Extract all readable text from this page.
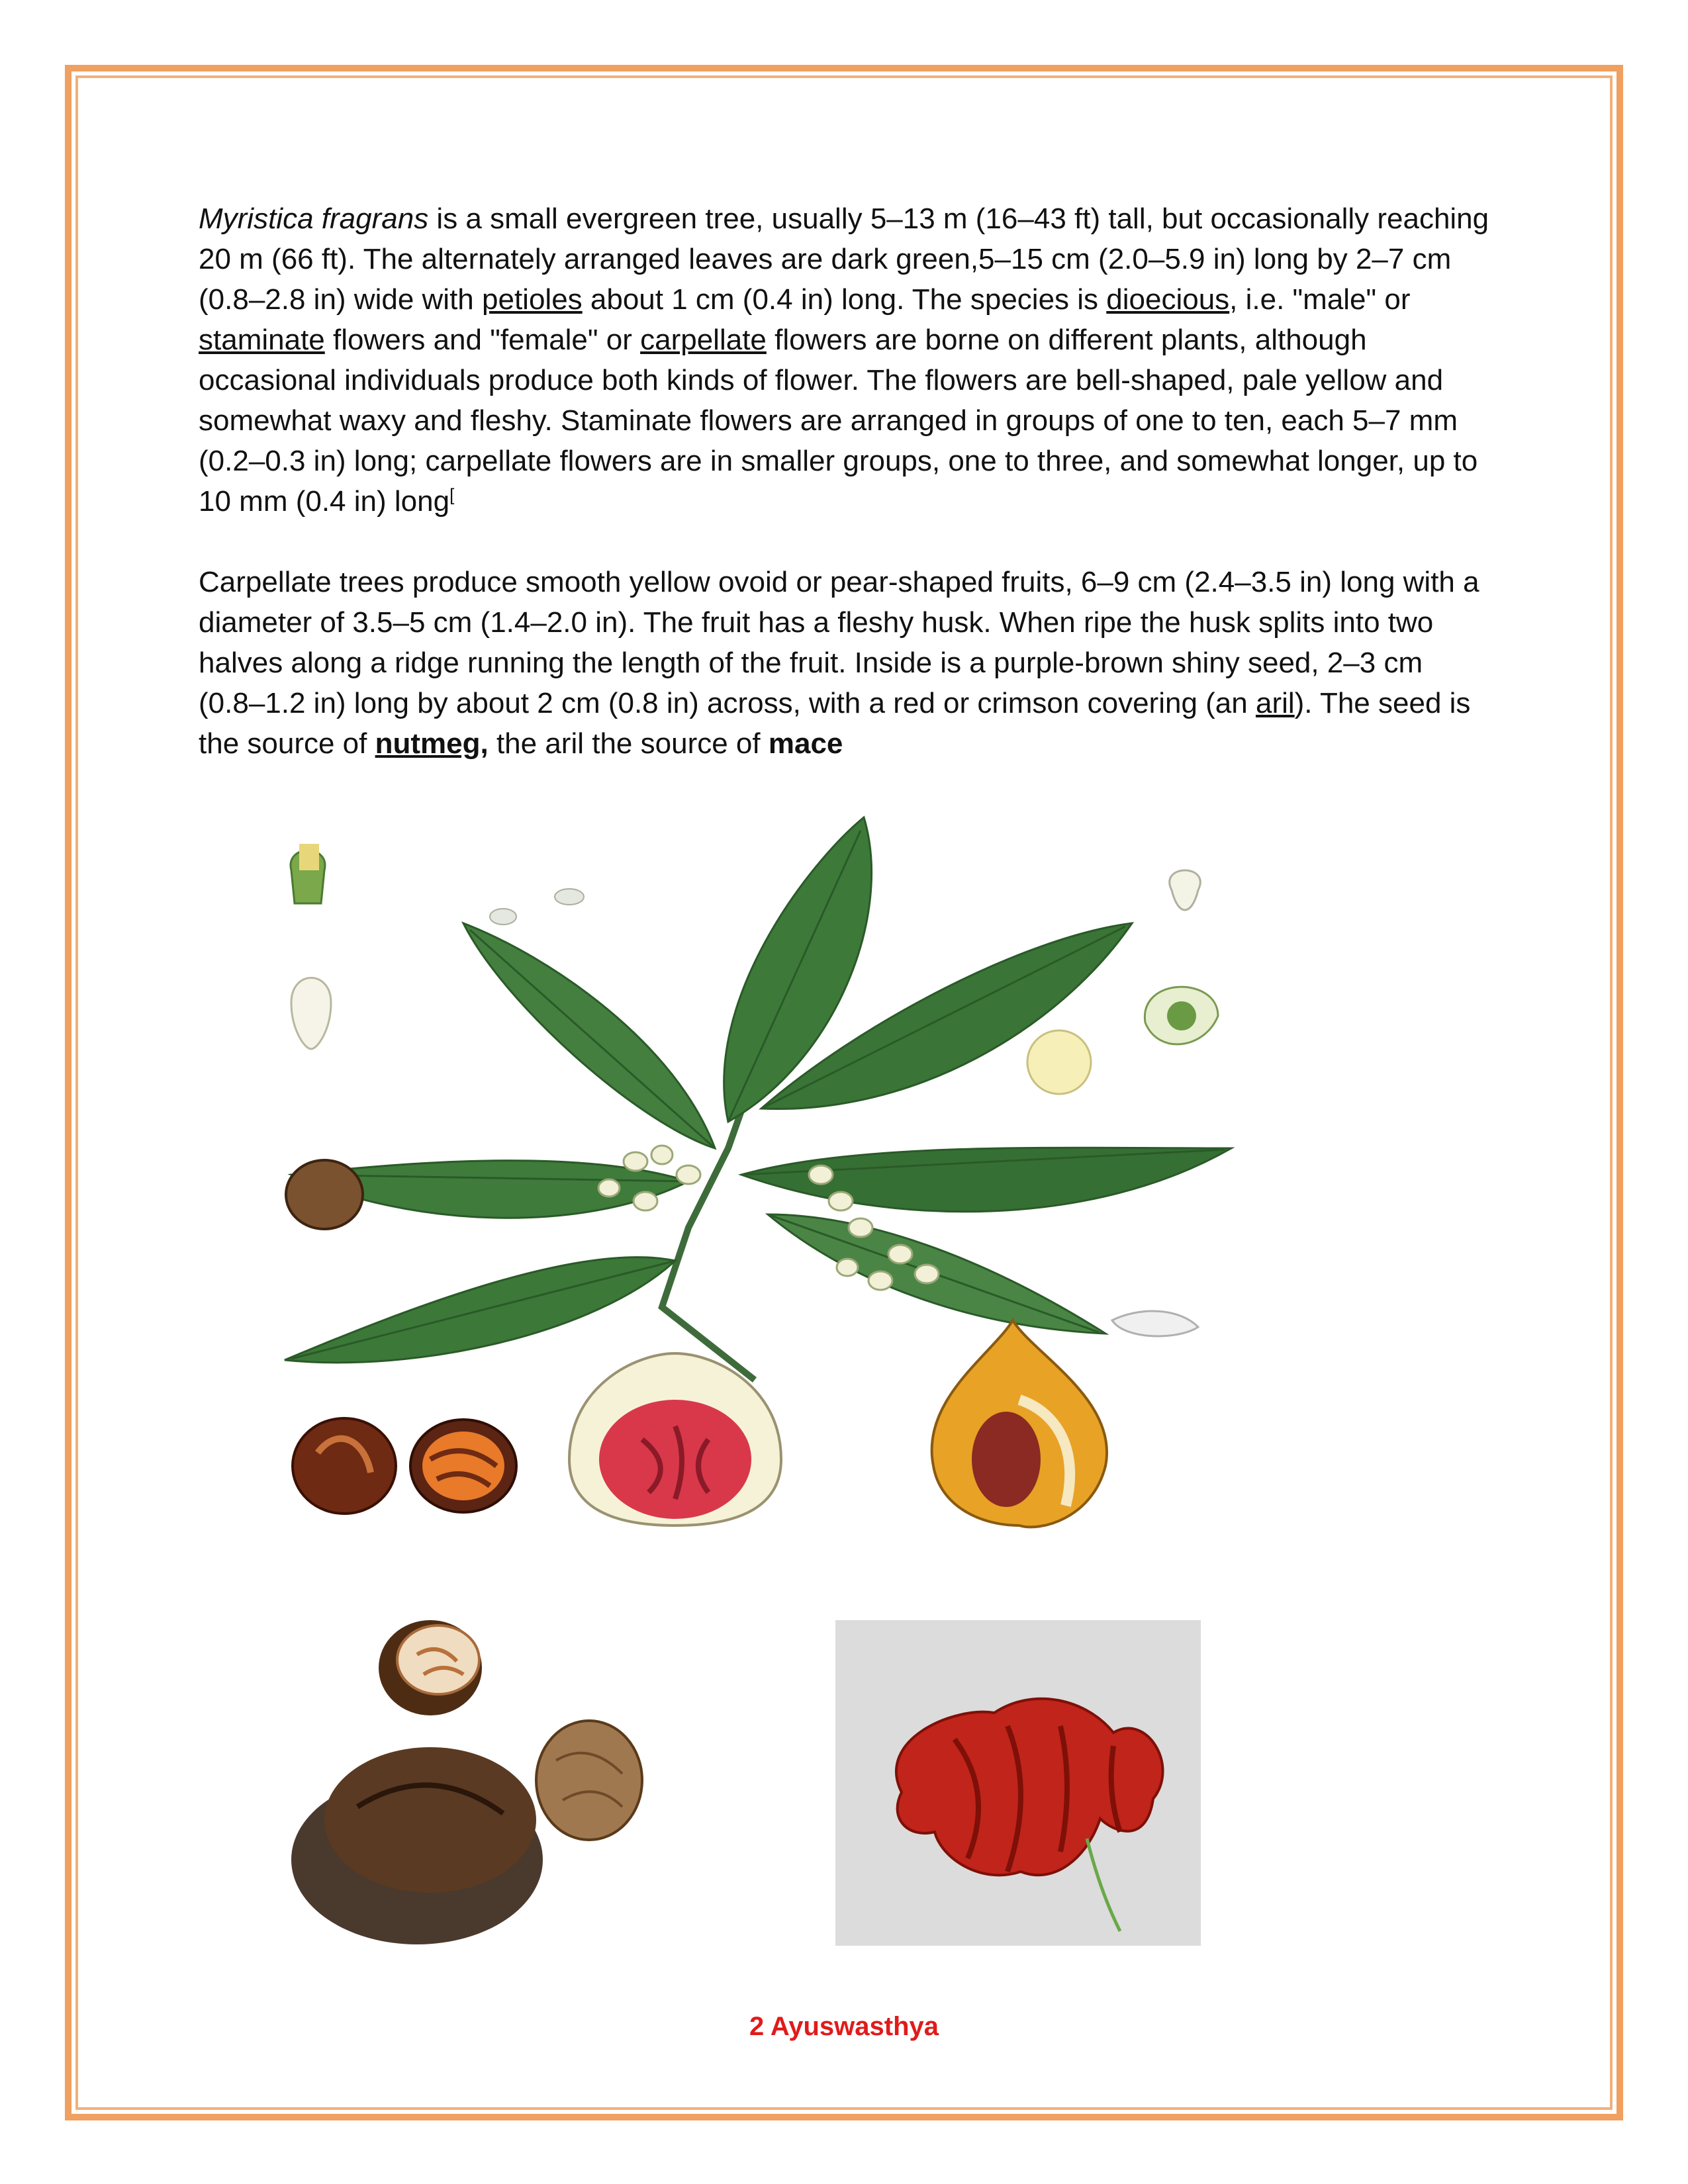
Myristica fragrans is a small evergreen tree, usually 5–13 m (16–43 ft) tall, but occasionally reaching 20 m (66 ft). The alternately arranged leaves are dark green,5–15 cm (2.0–5.9 in) long by 2–7 cm (0.8–2.8 in) wide with petioles about 1 cm (0.4 in) long. The species is dioecious, i.e. "male" or staminate flowers and "female" or carpellate flowers are borne on different plants, although occasional individuals produce both kinds of flower. The flowers are bell-shaped, pale yellow and somewhat waxy and fleshy. Staminate flowers are arranged in groups of one to ten, each 5–7 mm (0.2–0.3 in) long; carpellate flowers are in smaller groups, one to three, and somewhat longer, up to 10 mm (0.4 in) long[

Carpellate trees produce smooth yellow ovoid or pear-shaped fruits, 6–9 cm (2.4–3.5 in) long with a diameter of 3.5–5 cm (1.4–2.0 in). The fruit has a fleshy husk. When ripe the husk splits into two halves along a ridge running the length of the fruit. Inside is a purple-brown shiny seed, 2–3 cm (0.8–1.2 in) long by about 2 cm (0.8 in) across, with a red or crimson covering (an aril). The seed is the source of nutmeg, the aril the source of mace

2 Ayuswasthya
